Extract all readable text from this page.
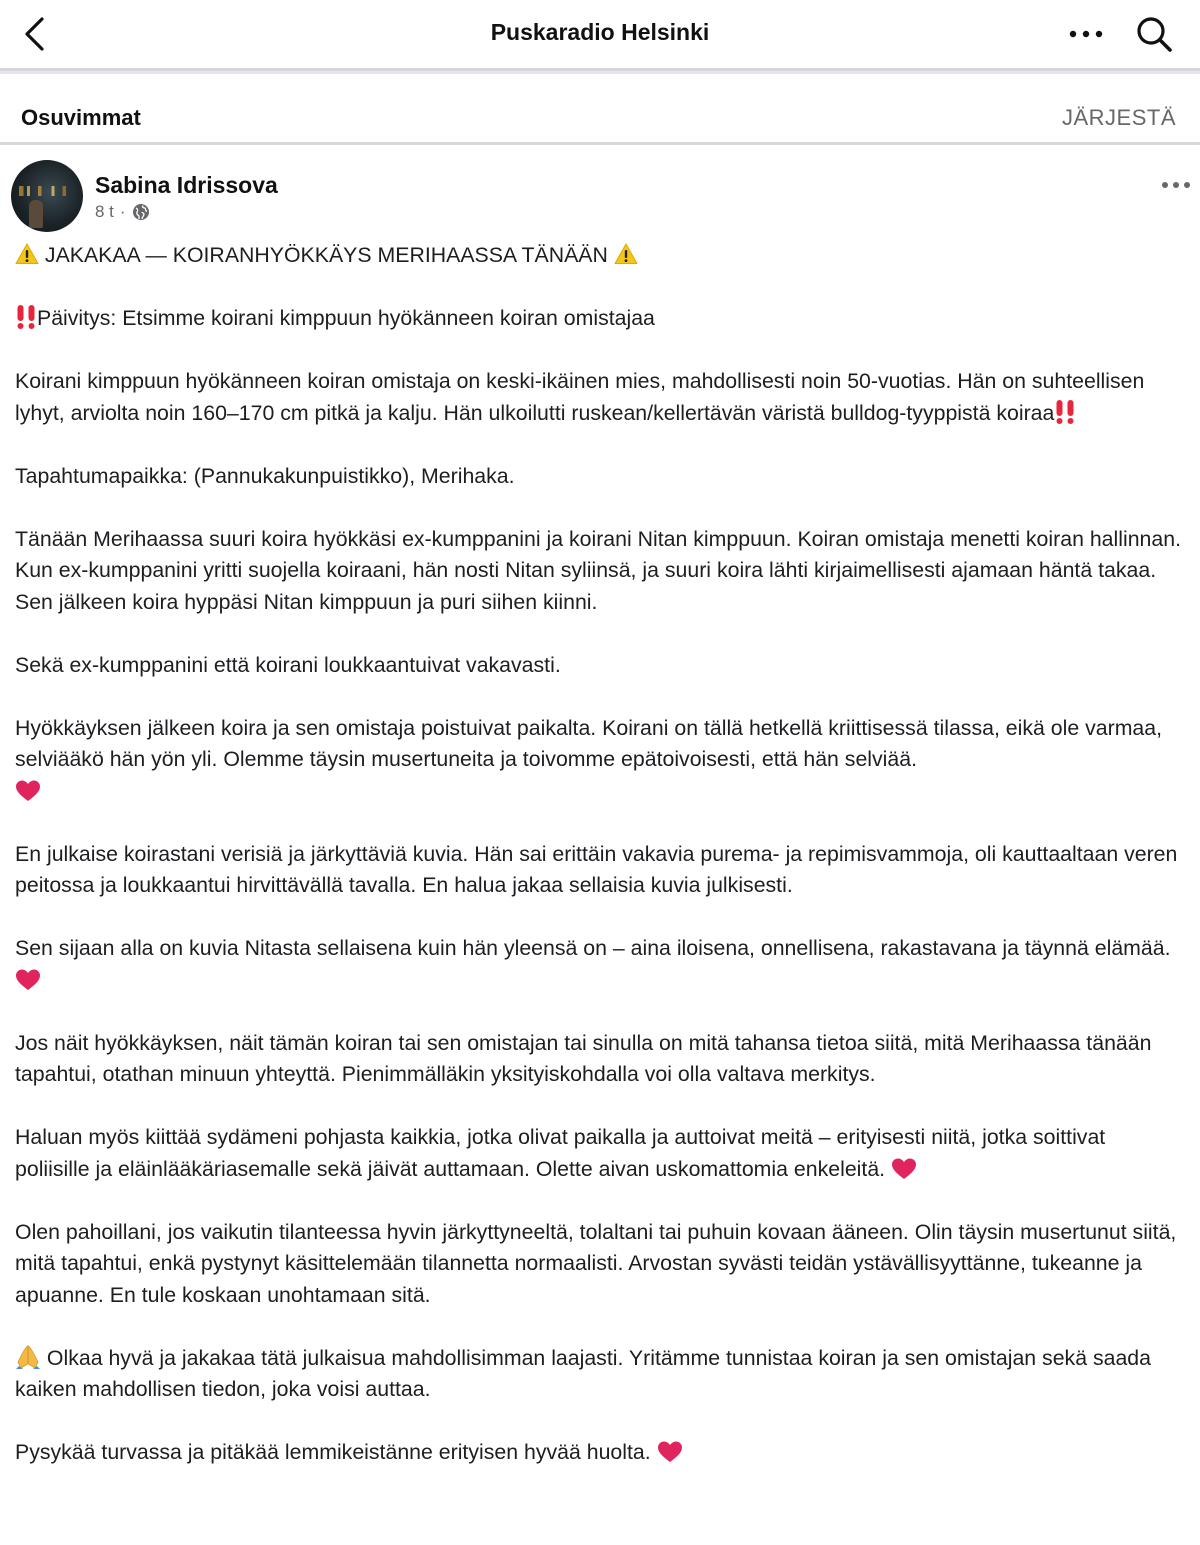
Puskaradio Helsinki
Osuvimmat	JÄRJESTÄ
Sabina Idrissova
8 t ·

JAKAKAA — KOIRANHYÖKKÄYS MERIHAASSA TÄNÄÄN

Päivitys: Etsimme koirani kimppuun hyökänneen koiran omistajaa

Koirani kimppuun hyökänneen koiran omistaja on keski-ikäinen mies, mahdollisesti noin 50-vuotias. Hän on suhteellisen lyhyt, arviolta noin 160–170 cm pitkä ja kalju. Hän ulkoilutti ruskean/kellertävän väristä bulldog-tyyppistä koiraa

Tapahtumapaikka: (Pannukakunpuistikko), Merihaka.

Tänään Merihaassa suuri koira hyökkäsi ex-kumppanini ja koirani Nitan kimppuun. Koiran omistaja menetti koiran hallinnan. Kun ex-kumppanini yritti suojella koiraani, hän nosti Nitan syliinsä, ja suuri koira lähti kirjaimellisesti ajamaan häntä takaa. Sen jälkeen koira hyppäsi Nitan kimppuun ja puri siihen kiinni.

Sekä ex-kumppanini että koirani loukkaantuivat vakavasti.

Hyökkäyksen jälkeen koira ja sen omistaja poistuivat paikalta. Koirani on tällä hetkellä kriittisessä tilassa, eikä ole varmaa, selviääkö hän yön yli. Olemme täysin musertuneita ja toivomme epätoivoisesti, että hän selviää.

En julkaise koirastani verisiä ja järkyttäviä kuvia. Hän sai erittäin vakavia purema- ja repimisvammoja, oli kauttaaltaan veren peitossa ja loukkaantui hirvittävällä tavalla. En halua jakaa sellaisia kuvia julkisesti.

Sen sijaan alla on kuvia Nitasta sellaisena kuin hän yleensä on – aina iloisena, onnellisena, rakastavana ja täynnä elämää.

Jos näit hyökkäyksen, näit tämän koiran tai sen omistajan tai sinulla on mitä tahansa tietoa siitä, mitä Merihaassa tänään tapahtui, otathan minuun yhteyttä. Pienimmälläkin yksityiskohdalla voi olla valtava merkitys.

Haluan myös kiittää sydämeni pohjasta kaikkia, jotka olivat paikalla ja auttoivat meitä – erityisesti niitä, jotka soittivat poliisille ja eläinlääkäriasemalle sekä jäivät auttamaan. Olette aivan uskomattomia enkeleitä.

Olen pahoillani, jos vaikutin tilanteessa hyvin järkyttyneeltä, tolaltani tai puhuin kovaan ääneen. Olin täysin musertunut siitä, mitä tapahtui, enkä pystynyt käsittelemään tilannetta normaalisti. Arvostan syvästi teidän ystävällisyyttänne, tukeanne ja apuanne. En tule koskaan unohtamaan sitä.

Olkaa hyvä ja jakakaa tätä julkaisua mahdollisimman laajasti. Yritämme tunnistaa koiran ja sen omistajan sekä saada kaiken mahdollisen tiedon, joka voisi auttaa.

Pysykää turvassa ja pitäkää lemmikeistänne erityisen hyvää huolta.
